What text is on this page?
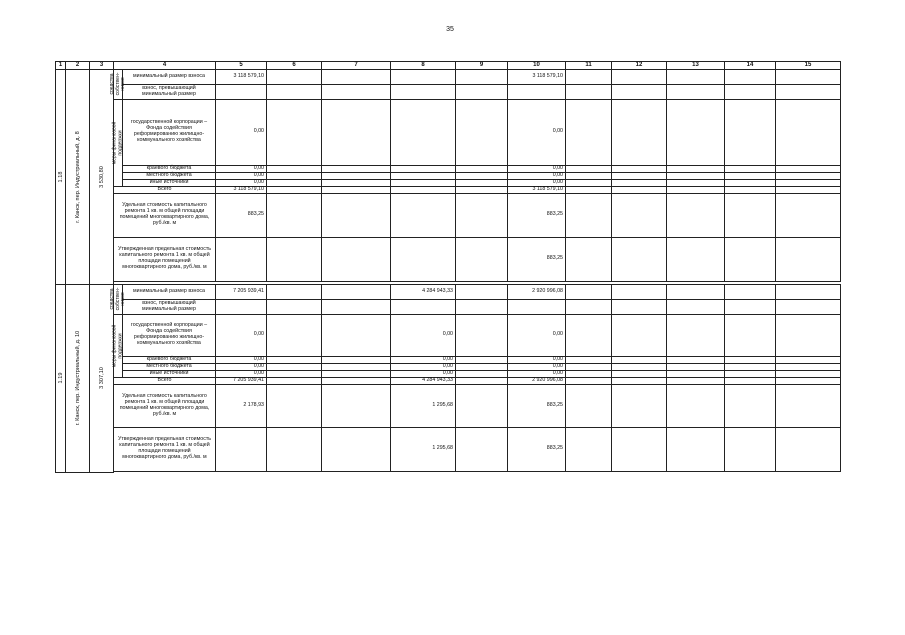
35
1	2	3	4		5	6	7	8	9	10	11	12	13	14	15

1.18	г. Канск, пер. Индустриальный, д. 8	3 530,80	средства собствен- ников	минимальный размер взноса	3 118 579,10					3 118 579,10					
				взнос, превышающий минимальный размер											

			меры финансовой поддержки	государственной корпорации – Фонда содействия реформированию жилищно-коммунального хозяйства	0,00					0,00					
				краевого бюджета	0,00					0,00					
				местного бюджета	0,00					0,00					
				иные источники	0,00					0,00					
			Всего		3 118 579,10					3 118 579,10					
			Удельная стоимость капитального ремонта 1 кв. м общей площади помещений многоквартирного дома, руб./кв. м		883,25					883,25					
			Утвержденная предельная стоимость капитального ремонта 1 кв. м общей площади помещений многоквартирного дома, руб./кв. м							883,25					

1.19	г. Канск, пер. Индустриальный, д. 10	3 307,10	средства собствен- ников	минимальный размер взноса	7 205 939,41			4 284 943,33		2 920 996,08					
				взнос, превышающий минимальный размер											

			меры финансовой поддержки	государственной корпорации – Фонда содействия реформированию жилищно-коммунального хозяйства	0,00			0,00		0,00					
				краевого бюджета	0,00			0,00		0,00					
				местного бюджета	0,00			0,00		0,00					
				иные источники	0,00			0,00		0,00					
			Всего		7 205 939,41			4 284 943,33		2 920 996,08					
			Удельная стоимость капитального ремонта 1 кв. м общей площади помещений многоквартирного дома, руб./кв. м		2 178,93			1 295,68		883,25					
			Утвержденная предельная стоимость капитального ремонта 1 кв. м общей площади помещений многоквартирного дома, руб./кв. м					1 295,68		883,25					
